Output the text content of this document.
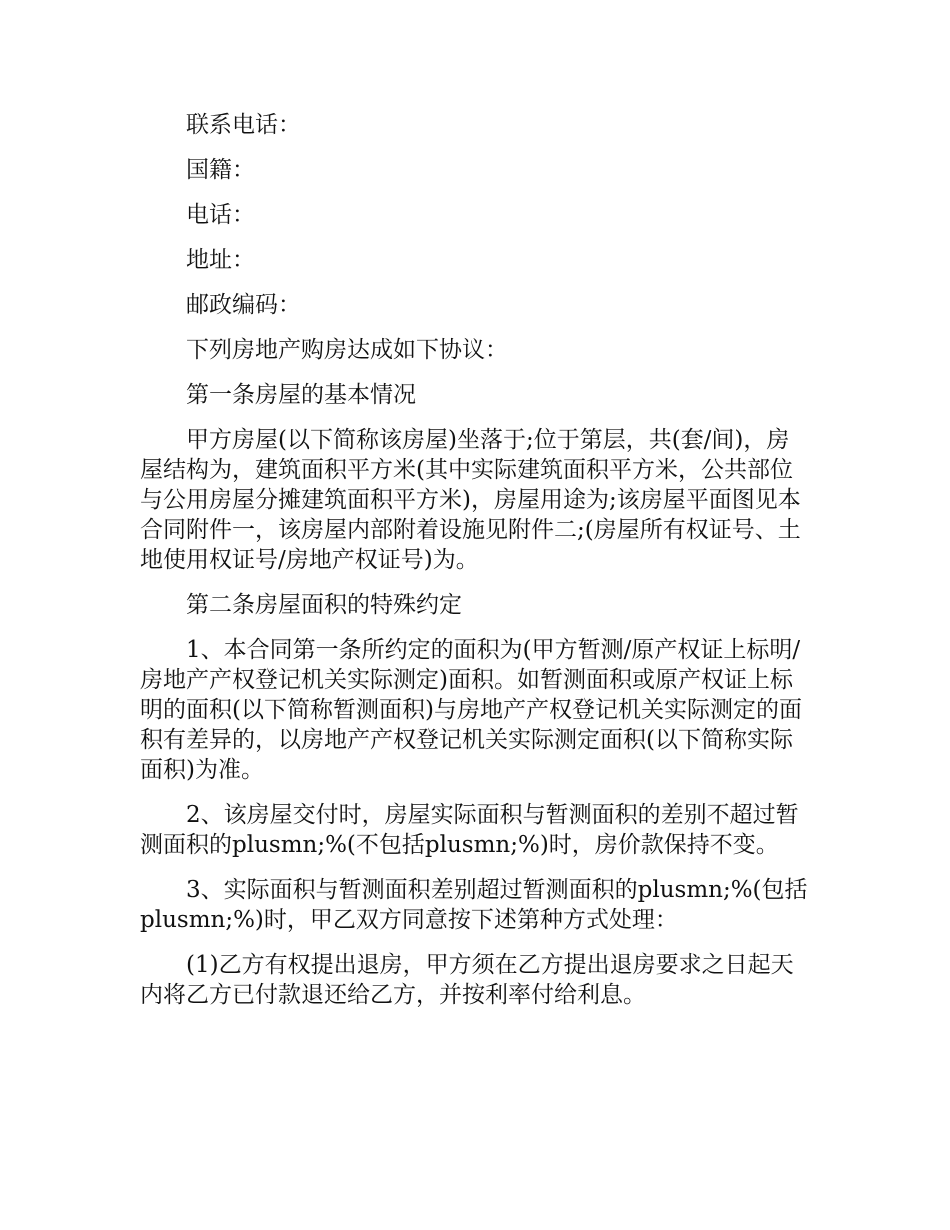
联系电话：

国籍：

电话：

地址：

邮政编码：

下列房地产购房达成如下协议：

第一条房屋的基本情况

甲方房屋(以下简称该房屋)坐落于;位于第层，共(套/间)，房屋结构为，建筑面积平方米(其中实际建筑面积平方米，公共部位与公用房屋分摊建筑面积平方米)，房屋用途为;该房屋平面图见本合同附件一，该房屋内部附着设施见附件二;(房屋所有权证号、土地使用权证号/房地产权证号)为。

第二条房屋面积的特殊约定

1、本合同第一条所约定的面积为(甲方暂测/原产权证上标明/房地产产权登记机关实际测定)面积。如暂测面积或原产权证上标明的面积(以下简称暂测面积)与房地产产权登记机关实际测定的面积有差异的，以房地产产权登记机关实际测定面积(以下简称实际面积)为准。

2、该房屋交付时，房屋实际面积与暂测面积的差别不超过暂测面积的plusmn;%(不包括plusmn;%)时，房价款保持不变。

3、实际面积与暂测面积差别超过暂测面积的plusmn;%(包括plusmn;%)时，甲乙双方同意按下述第种方式处理：

(1)乙方有权提出退房，甲方须在乙方提出退房要求之日起天内将乙方已付款退还给乙方，并按利率付给利息。
